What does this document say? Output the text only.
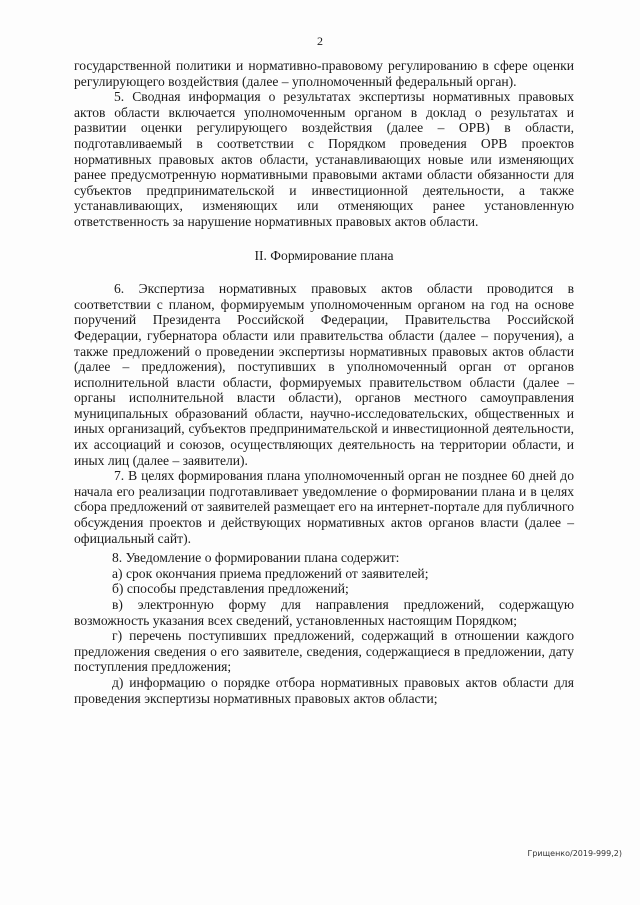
2

государственной политики и нормативно-правовому регулированию в сфере оценки регулирующего воздействия (далее – уполномоченный федеральный орган).

5. Сводная информация о результатах экспертизы нормативных правовых актов области включается уполномоченным органом в доклад о результатах и развитии оценки регулирующего воздействия (далее – ОРВ) в области, подготавливаемый в соответствии с Порядком проведения ОРВ проектов нормативных правовых актов области, устанавливающих новые или изменяющих ранее предусмотренную нормативными правовыми актами области обязанности для субъектов предпринимательской и инвестиционной деятельности, а также устанавливающих, изменяющих или отменяющих ранее установленную ответственность за нарушение нормативных правовых актов области.

II. Формирование плана

6. Экспертиза нормативных правовых актов области проводится в соответствии с планом, формируемым уполномоченным органом на год на основе поручений Президента Российской Федерации, Правительства Российской Федерации, губернатора области или правительства области (далее – поручения), а также предложений о проведении экспертизы нормативных правовых актов области (далее – предложения), поступивших в уполномоченный орган от органов исполнительной власти области, формируемых правительством области (далее – органы исполнительной власти области), органов местного самоуправления муниципальных образований области, научно-исследовательских, общественных и иных организаций, субъектов предпринимательской и инвестиционной деятельности, их ассоциаций и союзов, осуществляющих деятельность на территории области, и иных лиц (далее – заявители).

7. В целях формирования плана уполномоченный орган не позднее 60 дней до начала его реализации подготавливает уведомление о формировании плана и в целях сбора предложений от заявителей размещает его на интернет-портале для публичного обсуждения проектов и действующих нормативных актов органов власти (далее – официальный сайт).

8. Уведомление о формировании плана содержит:

а) срок окончания приема предложений от заявителей;

б) способы представления предложений;

в) электронную форму для направления предложений, содержащую возможность указания всех сведений, установленных настоящим Порядком;

г) перечень поступивших предложений, содержащий в отношении каждого предложения сведения о его заявителе, сведения, содержащиеся в предложении, дату поступления предложения;

д) информацию о порядке отбора нормативных правовых актов области для проведения экспертизы нормативных правовых актов области;

Грищенко/2019-999,2)
